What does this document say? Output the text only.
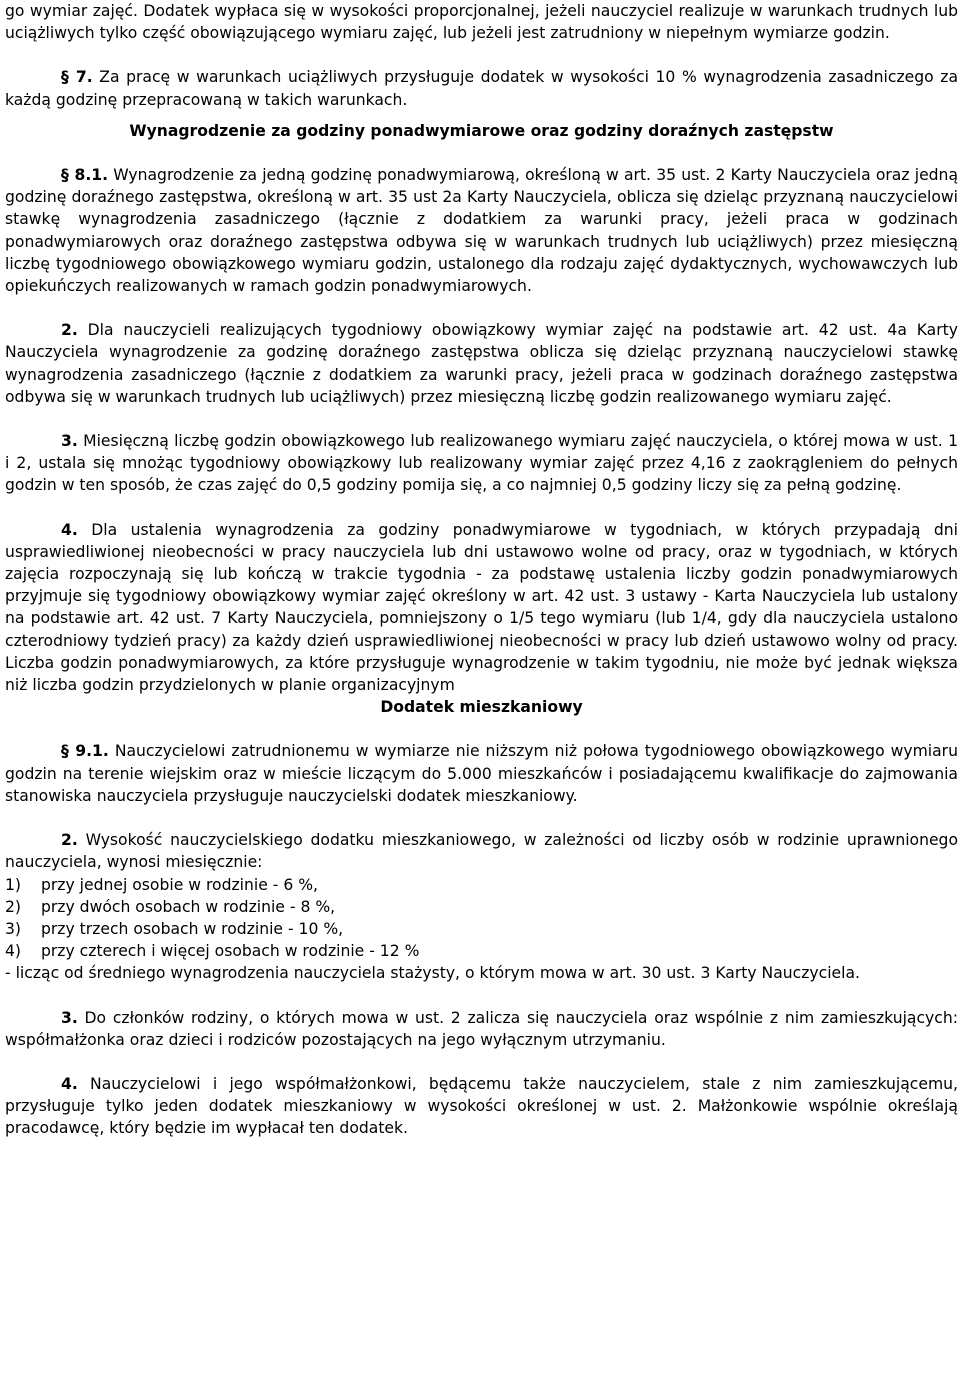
go wymiar zajęć. Dodatek wypłaca się w wysokości proporcjonalnej, jeżeli nauczyciel realizuje w warunkach trudnych lub uciążliwych tylko część obowiązującego wymiaru zajęć, lub jeżeli jest zatrudniony w niepełnym wymiarze godzin.

§ 7. Za pracę w warunkach uciążliwych przysługuje dodatek w wysokości 10 % wynagrodzenia zasadniczego za każdą godzinę przepracowaną w takich warunkach.

Wynagrodzenie za godziny ponadwymiarowe oraz godziny doraźnych zastępstw

§ 8.1. Wynagrodzenie za jedną godzinę ponadwymiarową, określoną w art. 35 ust. 2 Karty Nauczyciela oraz jedną godzinę doraźnego zastępstwa, określoną w art. 35 ust 2a Karty Nauczyciela, oblicza się dzieląc przyznaną nauczycielowi stawkę wynagrodzenia zasadniczego (łącznie z dodatkiem za warunki pracy, jeżeli praca w godzinach ponadwymiarowych oraz doraźnego zastępstwa odbywa się w warunkach trudnych lub uciążliwych) przez miesięczną liczbę tygodniowego obowiązkowego wymiaru godzin, ustalonego dla rodzaju zajęć dydaktycznych, wychowawczych lub opiekuńczych realizowanych w ramach godzin ponadwymiarowych.

2. Dla nauczycieli realizujących tygodniowy obowiązkowy wymiar zajęć na podstawie art. 42 ust. 4a Karty Nauczyciela wynagrodzenie za godzinę doraźnego zastępstwa oblicza się dzieląc przyznaną nauczycielowi stawkę wynagrodzenia zasadniczego (łącznie z dodatkiem za warunki pracy, jeżeli praca w godzinach doraźnego zastępstwa odbywa się w warunkach trudnych lub uciążliwych) przez miesięczną liczbę godzin realizowanego wymiaru zajęć.

3. Miesięczną liczbę godzin obowiązkowego lub realizowanego wymiaru zajęć nauczyciela, o której mowa w ust. 1 i 2, ustala się mnożąc tygodniowy obowiązkowy lub realizowany wymiar zajęć przez 4,16 z zaokrągleniem do pełnych godzin w ten sposób, że czas zajęć do 0,5 godziny pomija się, a co najmniej 0,5 godziny liczy się za pełną godzinę.

4. Dla ustalenia wynagrodzenia za godziny ponadwymiarowe w tygodniach, w których przypadają dni usprawiedliwionej nieobecności w pracy nauczyciela lub dni ustawowo wolne od pracy, oraz w tygodniach, w których zajęcia rozpoczynają się lub kończą w trakcie tygodnia - za podstawę ustalenia liczby godzin ponadwymiarowych przyjmuje się tygodniowy obowiązkowy wymiar zajęć określony w art. 42 ust. 3 ustawy - Karta Nauczyciela lub ustalony na podstawie art. 42 ust. 7 Karty Nauczyciela, pomniejszony o 1/5 tego wymiaru (lub 1/4, gdy dla nauczyciela ustalono czterodniowy tydzień pracy) za każdy dzień usprawiedliwionej nieobecności w pracy lub dzień ustawowo wolny od pracy. Liczba godzin ponadwymiarowych, za które przysługuje wynagrodzenie w takim tygodniu, nie może być jednak większa niż liczba godzin przydzielonych w planie organizacyjnym

Dodatek mieszkaniowy

§ 9.1. Nauczycielowi zatrudnionemu w wymiarze nie niższym niż połowa tygodniowego obowiązkowego wymiaru godzin na terenie wiejskim oraz w mieście liczącym do 5.000 mieszkańców i posiadającemu kwalifikacje do zajmowania stanowiska nauczyciela przysługuje nauczycielski dodatek mieszkaniowy.

2. Wysokość nauczycielskiego dodatku mieszkaniowego, w zależności od liczby osób w rodzinie uprawnionego nauczyciela, wynosi miesięcznie:

1)	przy jednej osobie w rodzinie - 6 %,
2)	przy dwóch osobach w rodzinie - 8 %,
3)	przy trzech osobach w rodzinie - 10 %,
4)	przy czterech i więcej osobach w rodzinie - 12 %

- licząc od średniego wynagrodzenia nauczyciela stażysty, o którym mowa w art. 30 ust. 3 Karty Nauczyciela.

3. Do członków rodziny, o których mowa w ust. 2 zalicza się nauczyciela oraz wspólnie z nim zamieszkujących: współmałżonka oraz dzieci i rodziców pozostających na jego wyłącznym utrzymaniu.

4. Nauczycielowi i jego współmałżonkowi, będącemu także nauczycielem, stale z nim zamieszkującemu, przysługuje tylko jeden dodatek mieszkaniowy w wysokości określonej w ust. 2. Małżonkowie wspólnie określają pracodawcę, który będzie im wypłacał ten dodatek.
